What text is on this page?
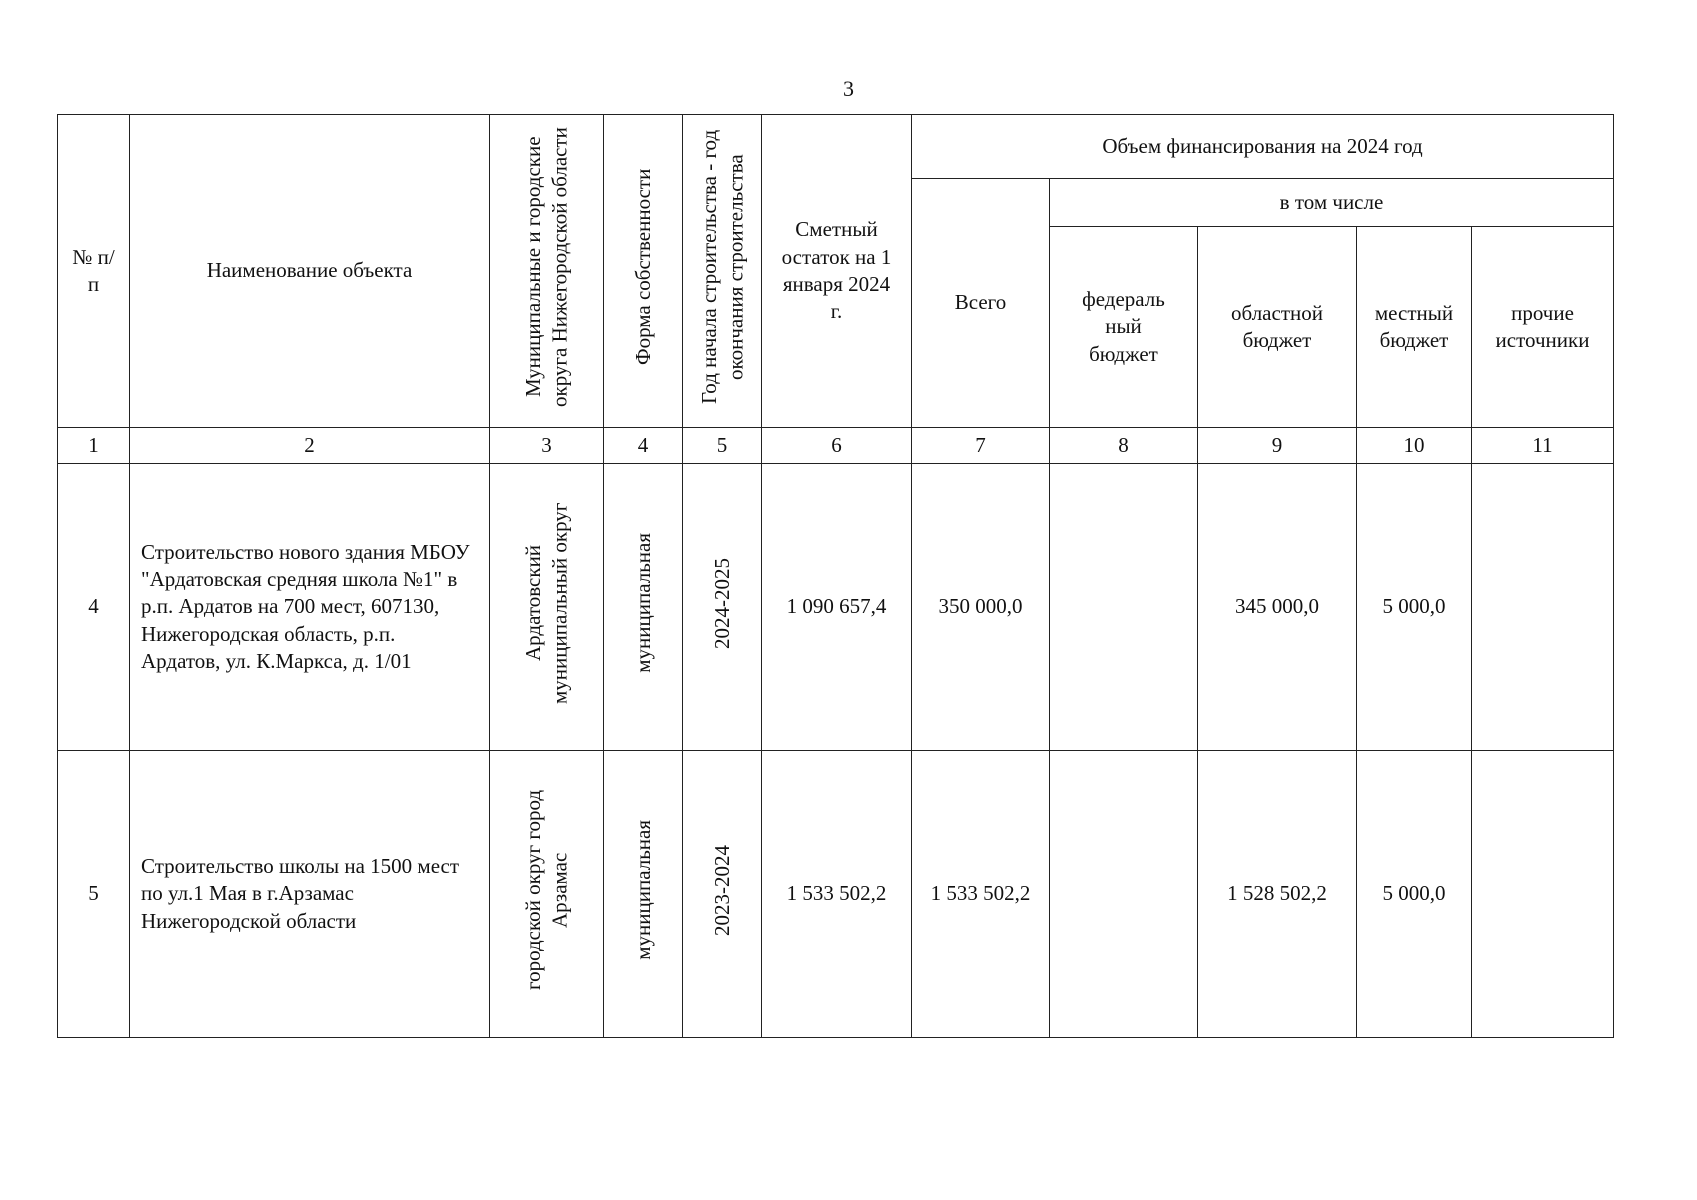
3
№ п/п	Наименование объекта	Муниципальные и городские округа Нижегородской области	Форма собственности	Год начала строительства - год окончания строительства	Сметный остаток на 1 января 2024 г.	Объем финансирования на 2024 год				
						Всего	в том числе			
							федераль ный бюджет	областной бюджет	местный бюджет	прочие источники
1	2	3	4	5	6	7	8	9	10	11
4	Строительство нового здания МБОУ "Ардатовская средняя школа №1" в р.п. Ардатов на 700 мест, 607130, Нижегородская область, р.п. Ардатов, ул. К.Маркса, д. 1/01	Ардатовский муниципальный округ	муниципальная	2024-2025	1 090 657,4	350 000,0		345 000,0	5 000,0	
5	Строительство школы на 1500 мест по ул.1 Мая в г.Арзамас Нижегородской области	городской округ город Арзамас	муниципальная	2023-2024	1 533 502,2	1 533 502,2		1 528 502,2	5 000,0	
